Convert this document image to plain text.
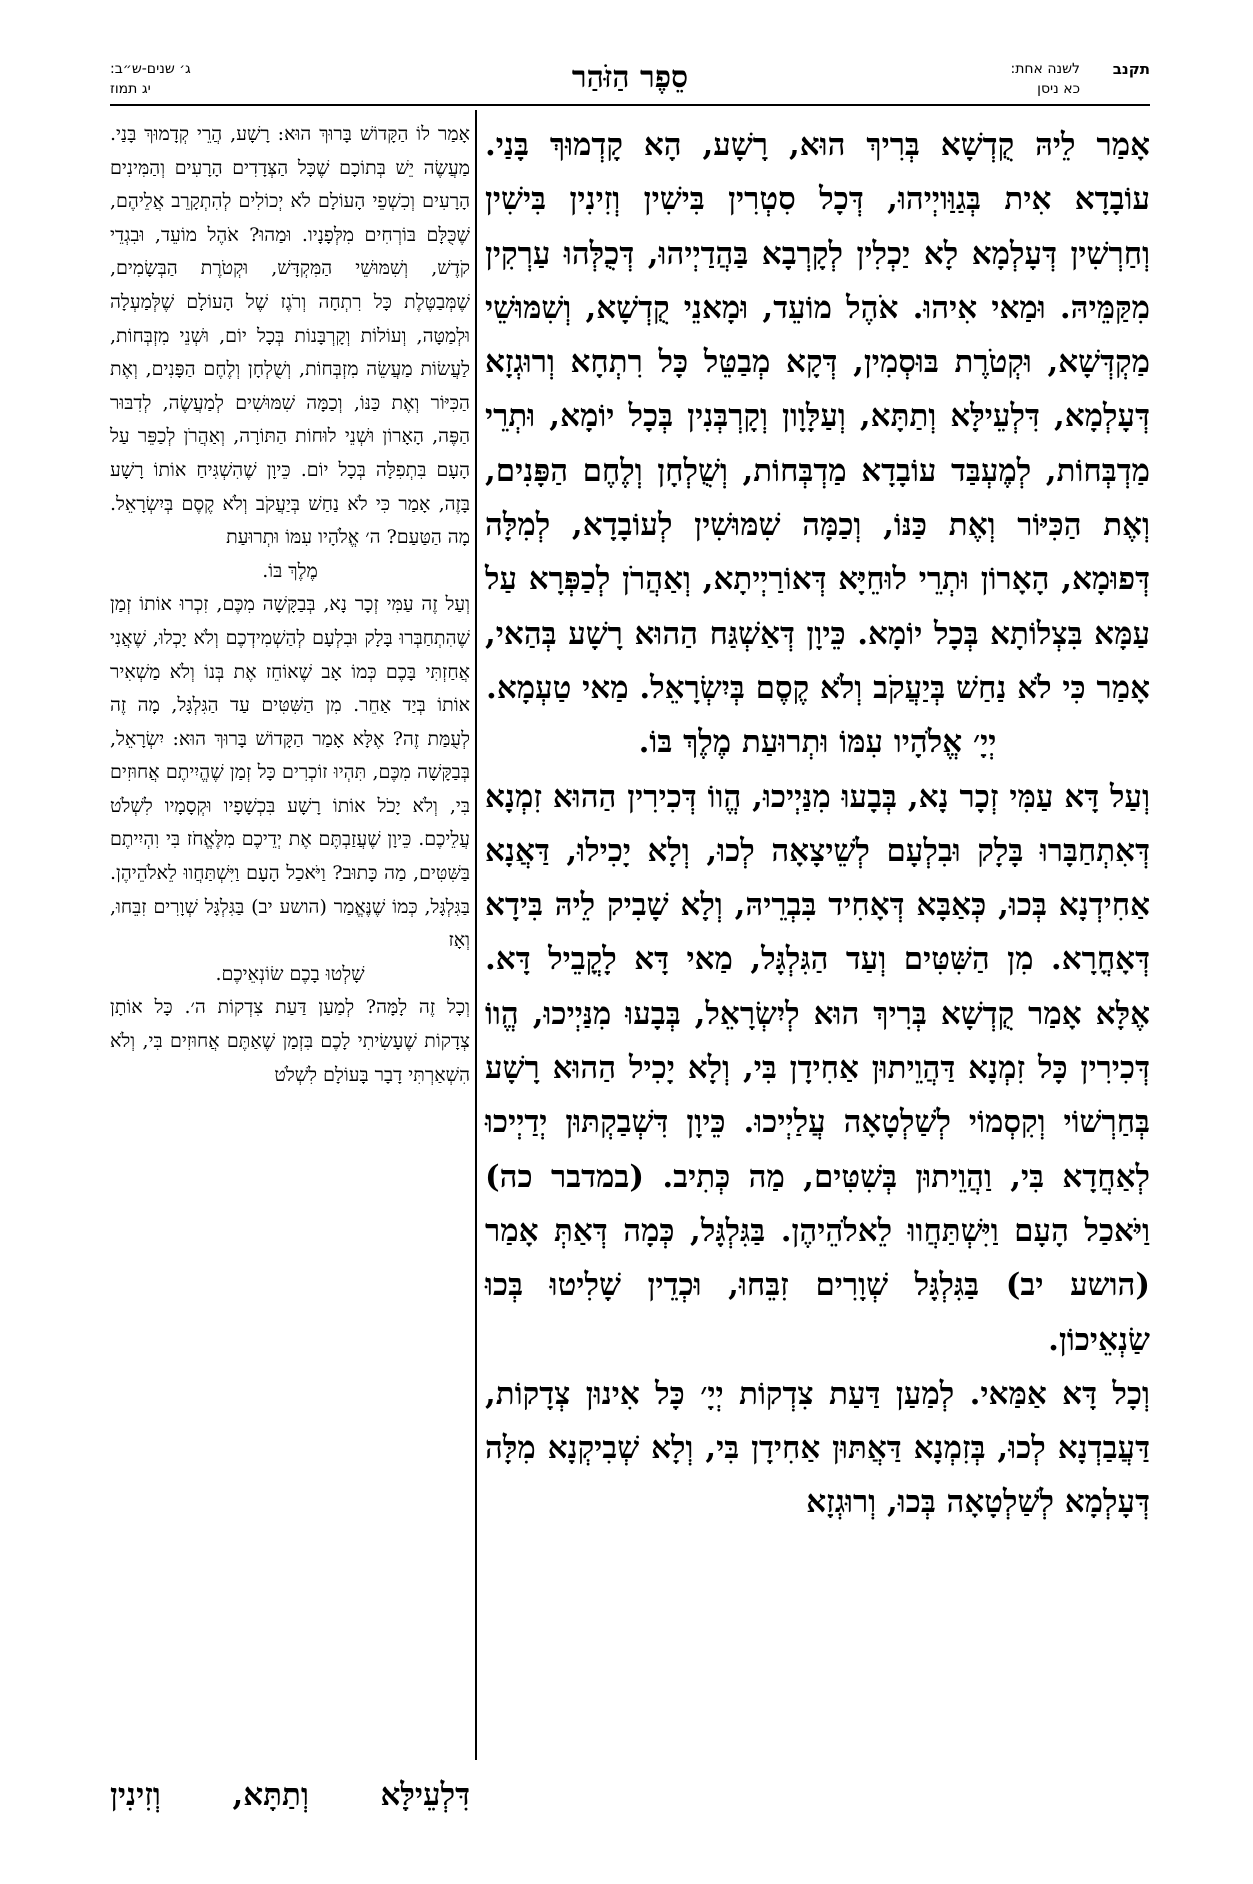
תקנב
לשנה אחת:
כא ניסן
סֵפֶר הַזֹּהַר
ג׳ שנים-ש״ב:
יג תמוז

אָמַר לֵיהּ קֻדְשָׁא בְּרִיךְ הוּא, רָשָׁע, הָא קָדְמוּךְ בָּנַי. עוֹבָדָא אִית בְּגַוַּויְיהוּ, דְּכָל סִטְרִין בִּישִׁין וְזִינִין בִּישִׁין וְחַרְשִׁין דְּעָלְמָא לָא יַכְלִין לְקָרְבָא בַּהֲדַיְיהוּ, דְּכֻלְּהוּ עַרְקִין מִקַּמֵּיהּ. וּמַאי אִיהוּ. אֹהֶל מוֹעֵד, וּמָאנֵי קֻדְשָׁא, וְשִׁמּוּשֵׁי מַקְדְּשָׁא, וּקְטֹרֶת בּוּסְמִין, דְּקָא מְבַטֵּל כָּל רִתְחָא וְרוּגְזָא דְּעָלְמָא, דִּלְעֵילָּא וְתַתָּא, וְעַלָּוָון וְקָרְבְּנִין בְּכָל יוֹמָא, וּתְרֵי מַדְבְּחוֹת, לְמֶעְבַּד עוֹבָדָא מַדְבְּחוֹת, וְשֻׁלְחָן וְלֶחֶם הַפָּנִים, וְאֶת הַכִּיּוֹר וְאֶת כַּנּוֹ, וְכַמָּה שִׁמּוּשִׁין לְעוֹבָדָא, לְמִלָּה דְּפוּמָא, הָאָרוֹן וּתְרֵי לוּחֵיָּא דְּאוֹרַיְיתָא, וְאַהֲרֹן לְכַפְּרָא עַל עַמָּא בִּצְלוֹתָא בְּכָל יוֹמָא. כֵּיוָן דְּאַשְׁגַּח הַהוּא רָשָׁע בְּהַאי, אָמַר כִּי לֹא נַחַשׁ בְּיַעֲקֹב וְלֹא קֶסֶם בְּיִשְׂרָאֵל. מַאי טַעְמָא.

יְיָ׳ אֱלֹהָיו עִמּוֹ וּתְרוּעַת מֶלֶךְ בּוֹ.

וְעַל דָּא עַמִּי זְכָר נָא, בְּבָעוּ מִנַּיְיכוּ, הֱווֹ דְּכִירִין הַהוּא זִמְנָא דְּאִתְחַבָּרוּ בָּלָק וּבִלְעָם לְשֵׁיצָאָה לְכוּ, וְלָא יָכִילוּ, דַּאֲנָא אַחִידְנָא בְּכוּ, כְּאַבָּא דְּאָחִיד בִּבְרֵיהּ, וְלָא שָׁבִיק לֵיהּ בִּידָא דְּאָחֳרָא. מִן הַשִּׁטִּים וְעַד הַגִּלְגָּל, מַאי דָּא לָקֳבֵיל דָּא. אֶלָּא אָמַר קֻדְשָׁא בְּרִיךְ הוּא לְיִשְׂרָאֵל, בְּבָעוּ מִנַּיְיכוּ, הֱווֹ דְּכִירִין כָּל זִמְנָא דַּהֲוֵיתוּן אַחִידָן בִּי, וְלָא יָכִיל הַהוּא רָשָׁע בְּחַרְשׁוֹי וְקִסְמוֹי לְשַׁלְטָאָה עֲלַיְיכוּ. כֵּיוָן דִּשְׁבַקְתּוּן יְדַיְיכוּ לְאַחֲדָא בִּי, וַהֲוֵיתוּן בְּשִׁטִּים, מַה כְּתִיב. (במדבר כה) וַיֹּאכַל הָעָם וַיִּשְׁתַּחֲווּ לֵאלֹהֵיהֶן. בַּגִּלְגָּל, כְּמָה דְּאַתְּ אָמַר (הושע יב) בַּגִּלְגָּל שְׁוָרִים זִבֵּחוּ, וּכְדֵין שָׁלִיטוּ בְּכוּ שַׂנְאֵיכוֹן.

וְכָל דָּא אַמַּאי. לְמַעַן דַּעַת צִדְקוֹת יְיָ׳ כָּל אִינוּן צְדָקוֹת, דַּעֲבַדְנָא לְכוּ, בְּזִמְנָא דַּאֲתּוּן אַחִידָן בִּי, וְלָא שְׁבִיקְנָא מִלָּה דְּעָלְמָא לְשַׁלְטָאָה בְּכוּ, וְרוּגְזָא

אָמַר לוֹ הַקָּדוֹשׁ בָּרוּךְ הוּא: רָשָׁע, הֲרֵי קְדָמוּךְ בָּנַי. מַעֲשֶׂה יֵשׁ בְּתוֹכָם שֶׁכָּל הַצְּדָדִים הָרָעִים וְהַמִּינִים הָרָעִים וְכִשְׁפֵי הָעוֹלָם לֹא יְכוֹלִים לְהִתְקָרֵב אֲלֵיהֶם, שֶׁכֻּלָּם בּוֹרְחִים מִלְּפָנָיו. וּמַהוּ? אֹהֶל מוֹעֵד, וּבִגְדֵי קֹדֶשׁ, וְשִׁמּוּשֵׁי הַמִּקְדָּשׁ, וּקְטֹרֶת הַבְּשָׂמִים, שֶׁמְּבַטֶּלֶת כָּל רִתְחָה וְרֹגֶז שֶׁל הָעוֹלָם שֶׁלְּמַעְלָה וּלְמַטָּה, וְעוֹלוֹת וְקָרְבָּנוֹת בְּכָל יוֹם, וּשְׁנֵי מִזְבְּחוֹת, לַעֲשׂוֹת מַעֲשֵׂה מִזְבְּחוֹת, וְשֻׁלְחָן וְלֶחֶם הַפָּנִים, וְאֶת הַכִּיּוֹר וְאֶת כַּנּוֹ, וְכַמָּה שִׁמּוּשִׁים לְמַעֲשֶׂה, לְדִבּוּר הַפֶּה, הָאָרוֹן וּשְׁנֵי לוּחוֹת הַתּוֹרָה, וְאַהֲרֹן לְכַפֵּר עַל הָעָם בִּתְפִלָּה בְּכָל יוֹם. כֵּיוָן שֶׁהִשְׁגִּיחַ אוֹתוֹ רָשָׁע בָּזֶה, אָמַר כִּי לֹא נַחַשׁ בְּיַעֲקֹב וְלֹא קֶסֶם בְּיִשְׂרָאֵל. מָה הַטַּעַם? ה׳ אֱלֹהָיו עִמּוֹ וּתְרוּעַת

מֶלֶךְ בּוֹ.

וְעַל זֶה עַמִּי זְכָר נָא, בְּבַקָּשָׁה מִכֶּם, זִכְרוּ אוֹתוֹ זְמַן שֶׁהִתְחַבְּרוּ בָּלָק וּבִלְעָם לְהַשְׁמִידְכֶם וְלֹא יָכְלוּ, שֶׁאֲנִי אֲחַזְתִּי בָּכֶם כְּמוֹ אָב שֶׁאוֹחֵז אֶת בְּנוֹ וְלֹא מַשְׁאִיר אוֹתוֹ בְּיַד אַחֵר. מִן הַשִּׁטִּים עַד הַגִּלְגָּל, מָה זֶה לְעֻמַּת זֶה? אֶלָּא אָמַר הַקָּדוֹשׁ בָּרוּךְ הוּא: יִשְׂרָאֵל, בְּבַקָּשָׁה מִכֶּם, תִּהְיוּ זוֹכְרִים כָּל זְמַן שֶׁהֱיִיתֶם אֲחוּזִים בִּי, וְלֹא יָכֹל אוֹתוֹ רָשָׁע בִּכְשָׁפָיו וּקְסָמָיו לִשְׁלֹט עֲלֵיכֶם. כֵּיוָן שֶׁעֲזַבְתֶּם אֶת יְדֵיכֶם מִלֶּאֱחֹז בִּי וִהְיִיתֶם בַּשִּׁטִּים, מַה כָּתוּב? וַיֹּאכַל הָעָם וַיִּשְׁתַּחֲווּ לֵאלֹהֵיהֶן. בַּגִּלְגָּל, כְּמוֹ שֶׁנֶּאֱמַר (הושע יב) בַּגִּלְגָּל שְׁוָרִים זִבֵּחוּ, וְאָז

שָׁלְטוּ בָכֶם שׂוֹנְאֵיכֶם.

וְכָל זֶה לָמָּה? לְמַעַן דַּעַת צִדְקוֹת ה׳. כָּל אוֹתָן צְדָקוֹת שֶׁעָשִׂיתִי לָכֶם בִּזְמַן שֶׁאַתֶּם אֲחוּזִים בִּי, וְלֹא הִשְׁאַרְתִּי דָבָר בָּעוֹלָם לִשְׁלֹט

דִּלְעֵילָּא וְתַתָּא, וְזִינִין
